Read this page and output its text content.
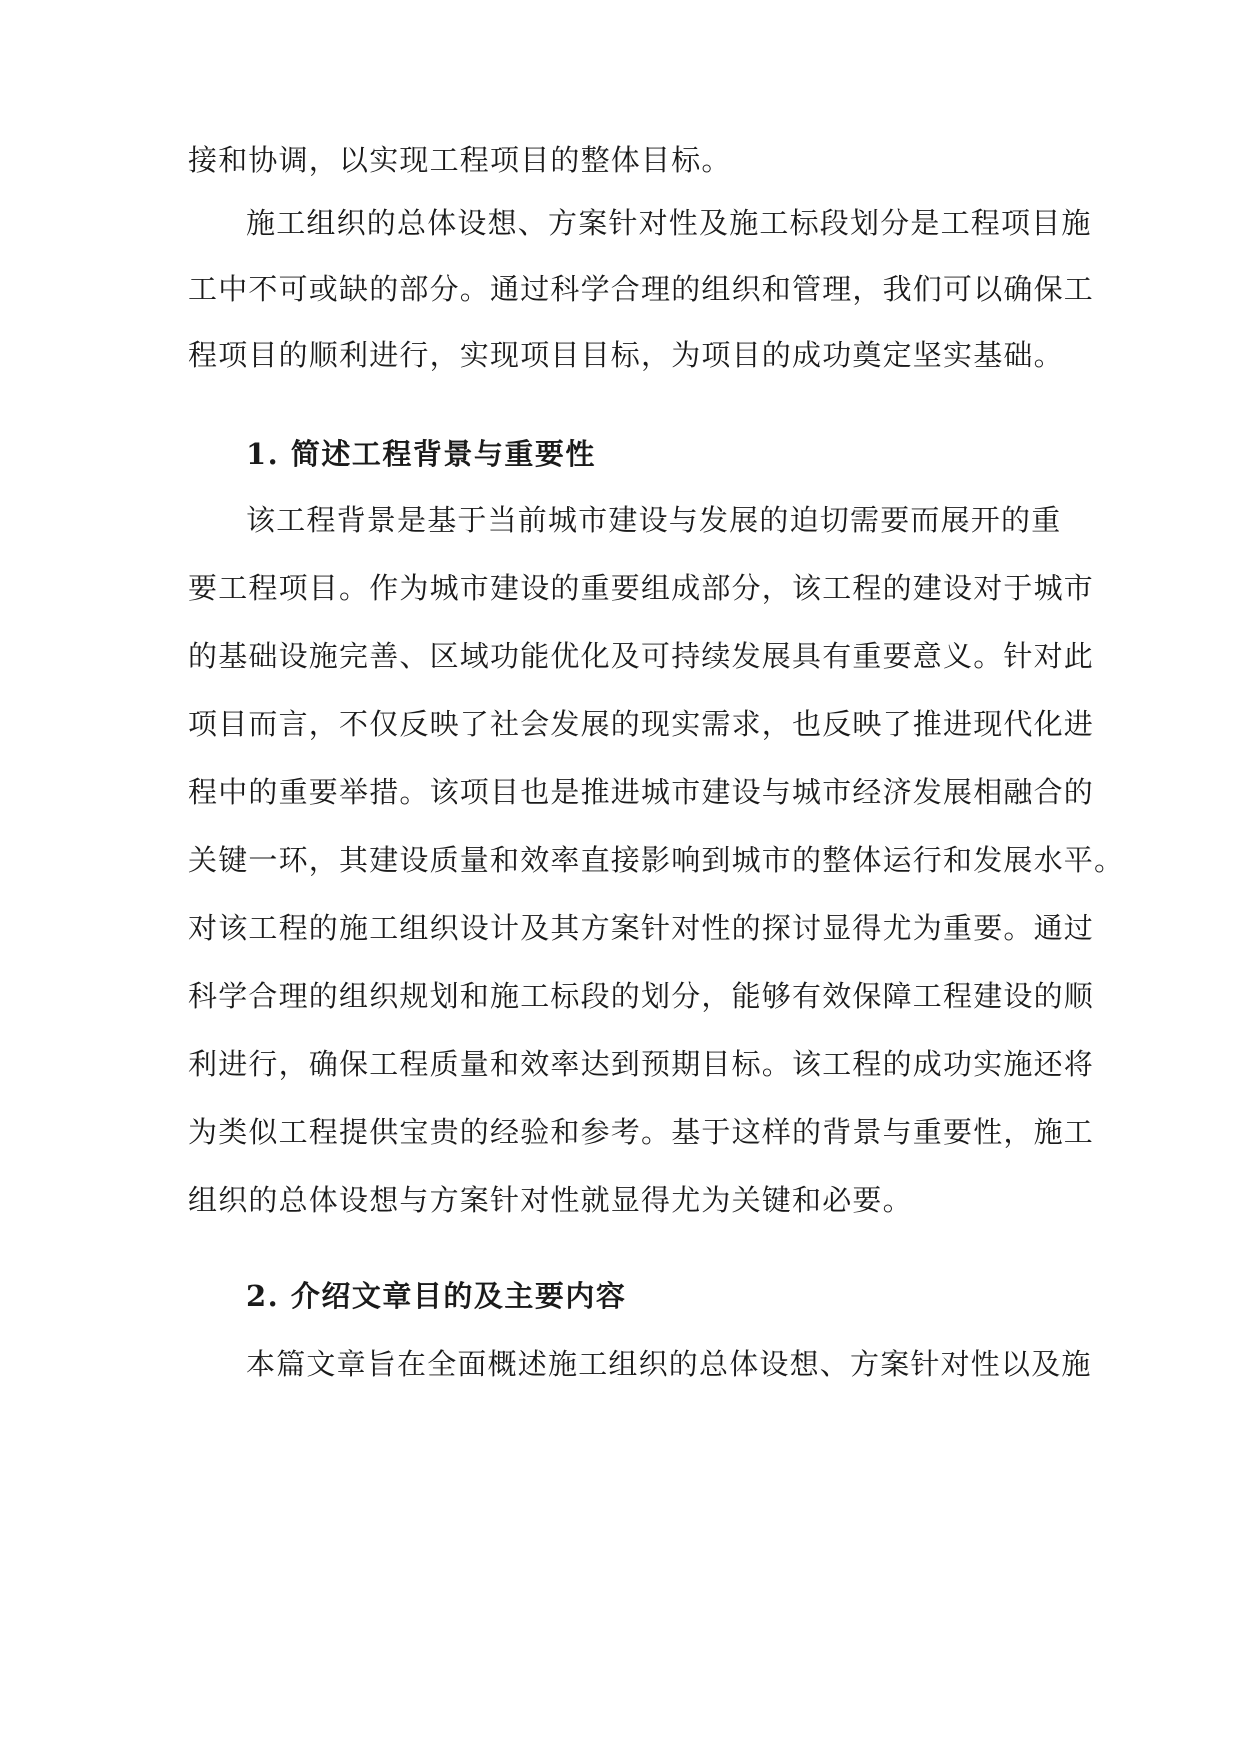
接和协调，以实现工程项目的整体目标。
施工组织的总体设想、方案针对性及施工标段划分是工程项目施
工中不可或缺的部分。通过科学合理的组织和管理，我们可以确保工
程项目的顺利进行，实现项目目标，为项目的成功奠定坚实基础。
1. 简述工程背景与重要性
该工程背景是基于当前城市建设与发展的迫切需要而展开的重
要工程项目。作为城市建设的重要组成部分，该工程的建设对于城市
的基础设施完善、区域功能优化及可持续发展具有重要意义。针对此
项目而言，不仅反映了社会发展的现实需求，也反映了推进现代化进
程中的重要举措。该项目也是推进城市建设与城市经济发展相融合的
关键一环，其建设质量和效率直接影响到城市的整体运行和发展水平。
对该工程的施工组织设计及其方案针对性的探讨显得尤为重要。通过
科学合理的组织规划和施工标段的划分，能够有效保障工程建设的顺
利进行，确保工程质量和效率达到预期目标。该工程的成功实施还将
为类似工程提供宝贵的经验和参考。基于这样的背景与重要性，施工
组织的总体设想与方案针对性就显得尤为关键和必要。
2. 介绍文章目的及主要内容
本篇文章旨在全面概述施工组织的总体设想、方案针对性以及施
